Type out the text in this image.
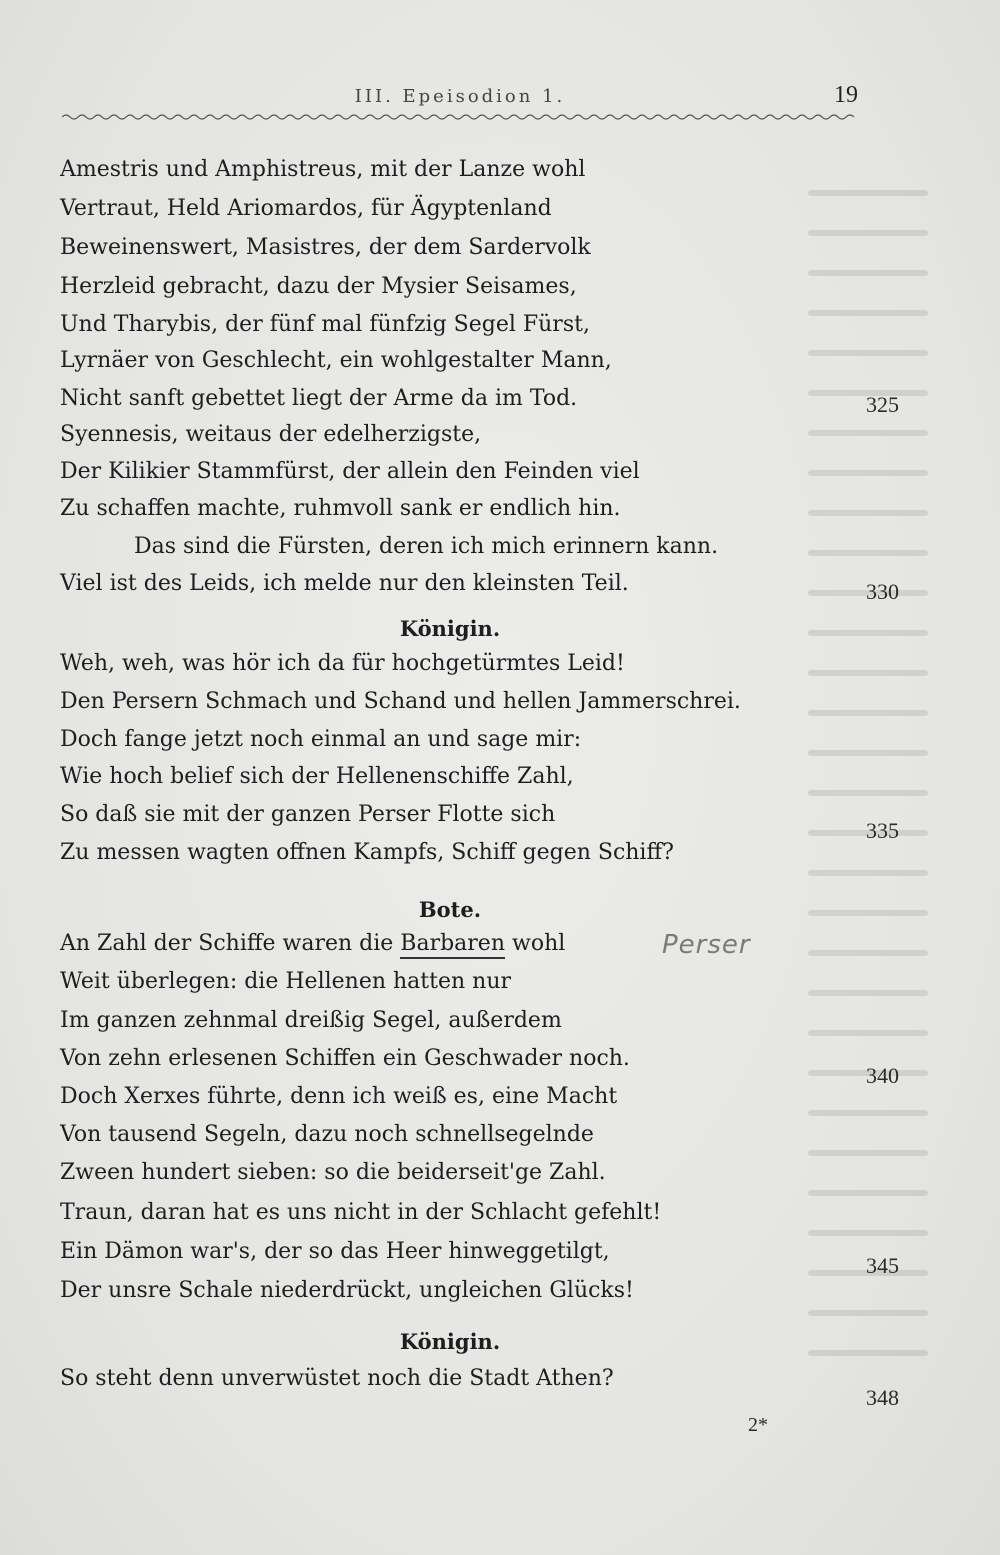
III. Epeisodion 1.	19
Amestris und Amphistreus, mit der Lanze wohl
Vertraut, Held Ariomardos, für Ägyptenland
Beweinenswert, Masistres, der dem Sardervolk
Herzleid gebracht, dazu der Mysier Seisames,
Und Tharybis, der fünf mal fünfzig Segel Fürst,
Lyrnäer von Geschlecht, ein wohlgestalter Mann,
Nicht sanft gebettet liegt der Arme da im Tod.
Syennesis, weitaus der edelherzigste,
Der Kilikier Stammfürst, der allein den Feinden viel
Zu schaffen machte, ruhmvoll sank er endlich hin.
Das sind die Fürsten, deren ich mich erinnern kann.
Viel ist des Leids, ich melde nur den kleinsten Teil.
Königin.
Weh, weh, was hör ich da für hochgetürmtes Leid!
Den Persern Schmach und Schand und hellen Jammerschrei.
Doch fange jetzt noch einmal an und sage mir:
Wie hoch belief sich der Hellenenschiffe Zahl,
So daß sie mit der ganzen Perser Flotte sich
Zu messen wagten offnen Kampfs, Schiff gegen Schiff?
Bote.
An Zahl der Schiffe waren die Barbaren wohl
Weit überlegen: die Hellenen hatten nur
Im ganzen zehnmal dreißig Segel, außerdem
Von zehn erlesenen Schiffen ein Geschwader noch.
Doch Xerxes führte, denn ich weiß es, eine Macht
Von tausend Segeln, dazu noch schnellsegelnde
Zween hundert sieben: so die beiderseit'ge Zahl.
Traun, daran hat es uns nicht in der Schlacht gefehlt!
Ein Dämon war's, der so das Heer hinweggetilgt,
Der unsre Schale niederdrückt, ungleichen Glücks!
Königin.
So steht denn unverwüstet noch die Stadt Athen?
325
330
335
340
345
348
Perser
2*
